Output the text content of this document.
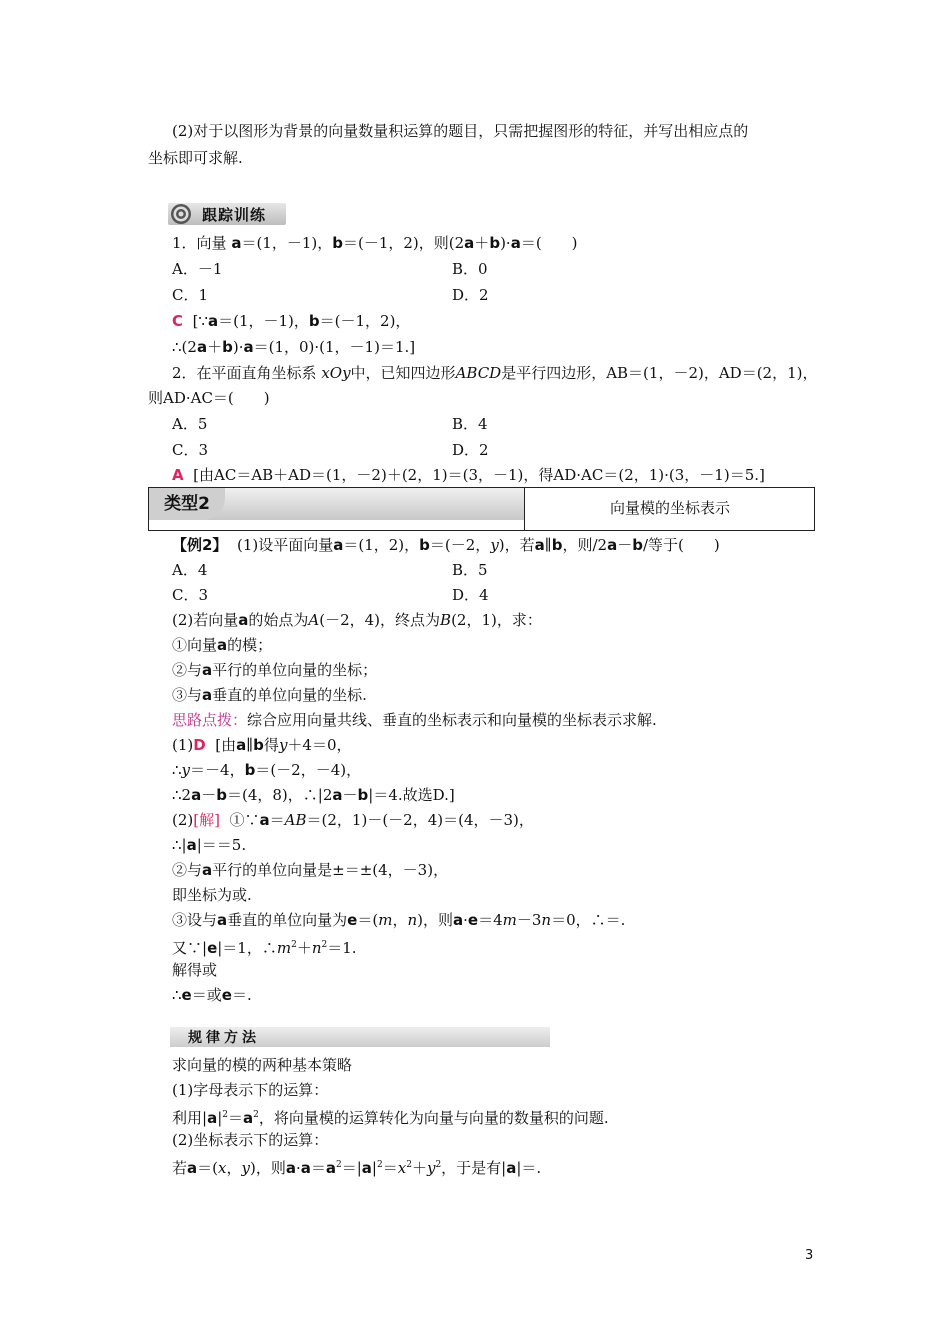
(2)对于以图形为背景的向量数量积运算的题目，只需把握图形的特征，并写出相应点的
坐标即可求解.
跟踪训练
1．向量 a＝(1，－1)，b＝(－1，2)，则(2a＋b)·a＝(　　)
A．－1	B．0
C．1	D．2
C [∵a＝(1，－1)，b＝(－1，2)，
∴(2a＋b)·a＝(1，0)·(1，－1)＝1.]
2．在平面直角坐标系 xOy中，已知四边形ABCD是平行四边形，AB＝(1，－2)，AD＝(2，1)，
则AD·AC＝(　　)
A．5	B．4
C．3	D．2
A [由AC＝AB＋AD＝(1，－2)＋(2，1)＝(3，－1)，得AD·AC＝(2，1)·(3，－1)＝5.]
类型2	向量模的坐标表示
【例2】 (1)设平面向量a＝(1，2)，b＝(－2，y)，若a∥b，则/2a－b/等于(　　)
A．4	B．5
C．3	D．4
(2)若向量a的始点为A(－2，4)，终点为B(2，1)，求：
①向量a的模；
②与a平行的单位向量的坐标；
③与a垂直的单位向量的坐标.
思路点拨：综合应用向量共线、垂直的坐标表示和向量模的坐标表示求解.
(1)D [由a∥b得y＋4＝0，
∴y＝－4，b＝(－2，－4)，
∴2a－b＝(4，8)，∴|2a－b|＝4.故选D.]
(2)[解] ①∵a＝AB＝(2，1)－(－2，4)＝(4，－3)，
∴|a|＝＝5.
②与a平行的单位向量是±＝±(4，－3)，
即坐标为或.
③设与a垂直的单位向量为e＝(m，n)，则a·e＝4m－3n＝0，∴＝.
又∵|e|＝1，$\therefore m^2+n^2=1$.
解得或
∴e＝或e＝.
规律方法
求向量的模的两种基本策略
(1)字母表示下的运算：
利用$|a|^2=a^2$，将向量模的运算转化为向量与向量的数量积的问题.
(2)坐标表示下的运算：
若a＝(x，y)，则$a\cdot a=a^2=|a|^2=x^2+y^2$，于是有|a|＝.
3
